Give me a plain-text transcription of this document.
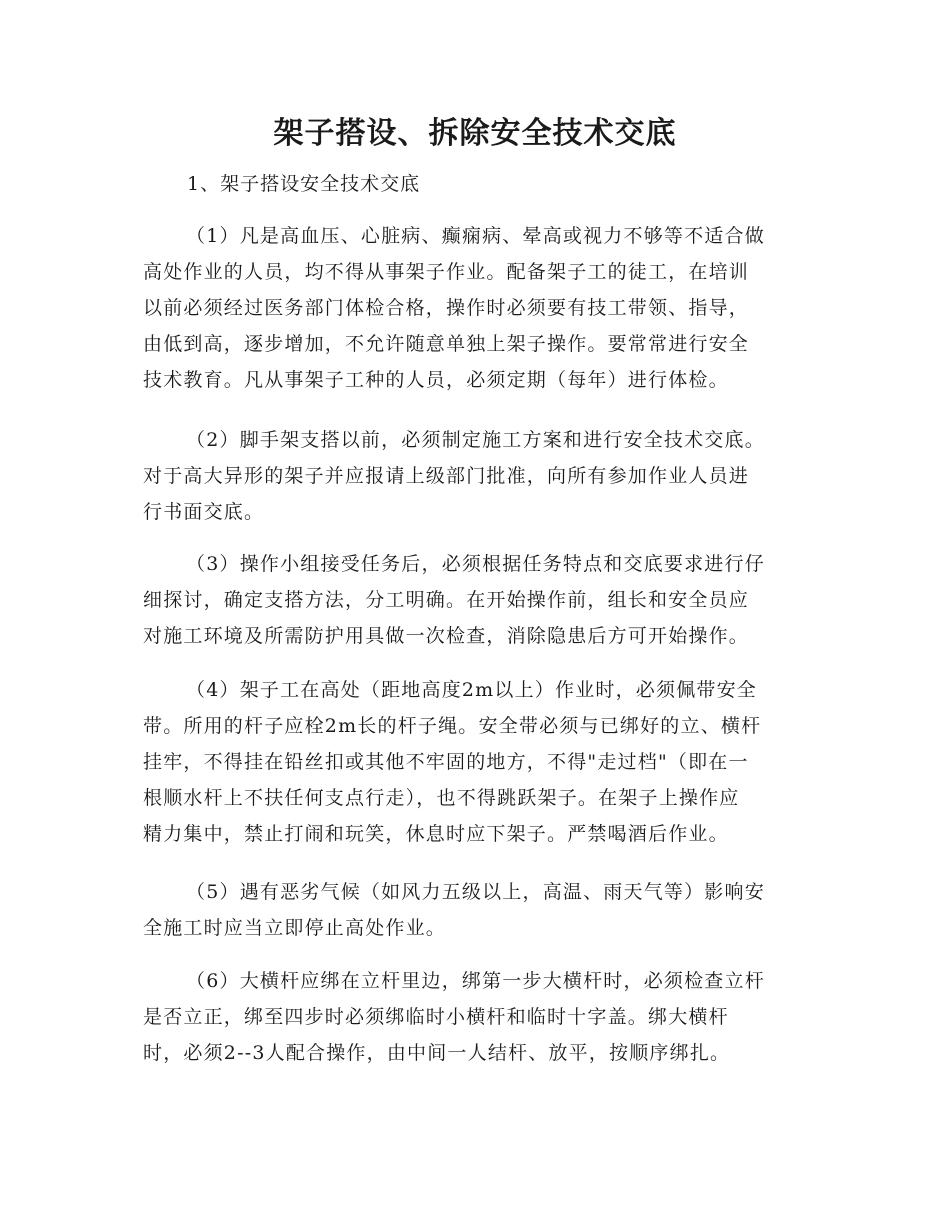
架子搭设、拆除安全技术交底
1、架子搭设安全技术交底
（1）凡是高血压、心脏病、癫痫病、晕高或视力不够等不适合做
高处作业的人员，均不得从事架子作业。配备架子工的徒工，在培训
以前必须经过医务部门体检合格，操作时必须要有技工带领、指导，
由低到高，逐步增加，不允许随意单独上架子操作。要常常进行安全
技术教育。凡从事架子工种的人员，必须定期（每年）进行体检。
（2）脚手架支搭以前，必须制定施工方案和进行安全技术交底。
对于高大异形的架子并应报请上级部门批准，向所有参加作业人员进
行书面交底。
（3）操作小组接受任务后，必须根据任务特点和交底要求进行仔
细探讨，确定支搭方法，分工明确。在开始操作前，组长和安全员应
对施工环境及所需防护用具做一次检查，消除隐患后方可开始操作。
（4）架子工在高处（距地高度2m以上）作业时，必须佩带安全
带。所用的杆子应栓2m长的杆子绳。安全带必须与已绑好的立、横杆
挂牢，不得挂在铅丝扣或其他不牢固的地方，不得"走过档"（即在一
根顺水杆上不扶任何支点行走），也不得跳跃架子。在架子上操作应
精力集中，禁止打闹和玩笑，休息时应下架子。严禁喝酒后作业。
（5）遇有恶劣气候（如风力五级以上，高温、雨天气等）影响安
全施工时应当立即停止高处作业。
（6）大横杆应绑在立杆里边，绑第一步大横杆时，必须检查立杆
是否立正，绑至四步时必须绑临时小横杆和临时十字盖。绑大横杆
时，必须2--3人配合操作，由中间一人结杆、放平，按顺序绑扎。
